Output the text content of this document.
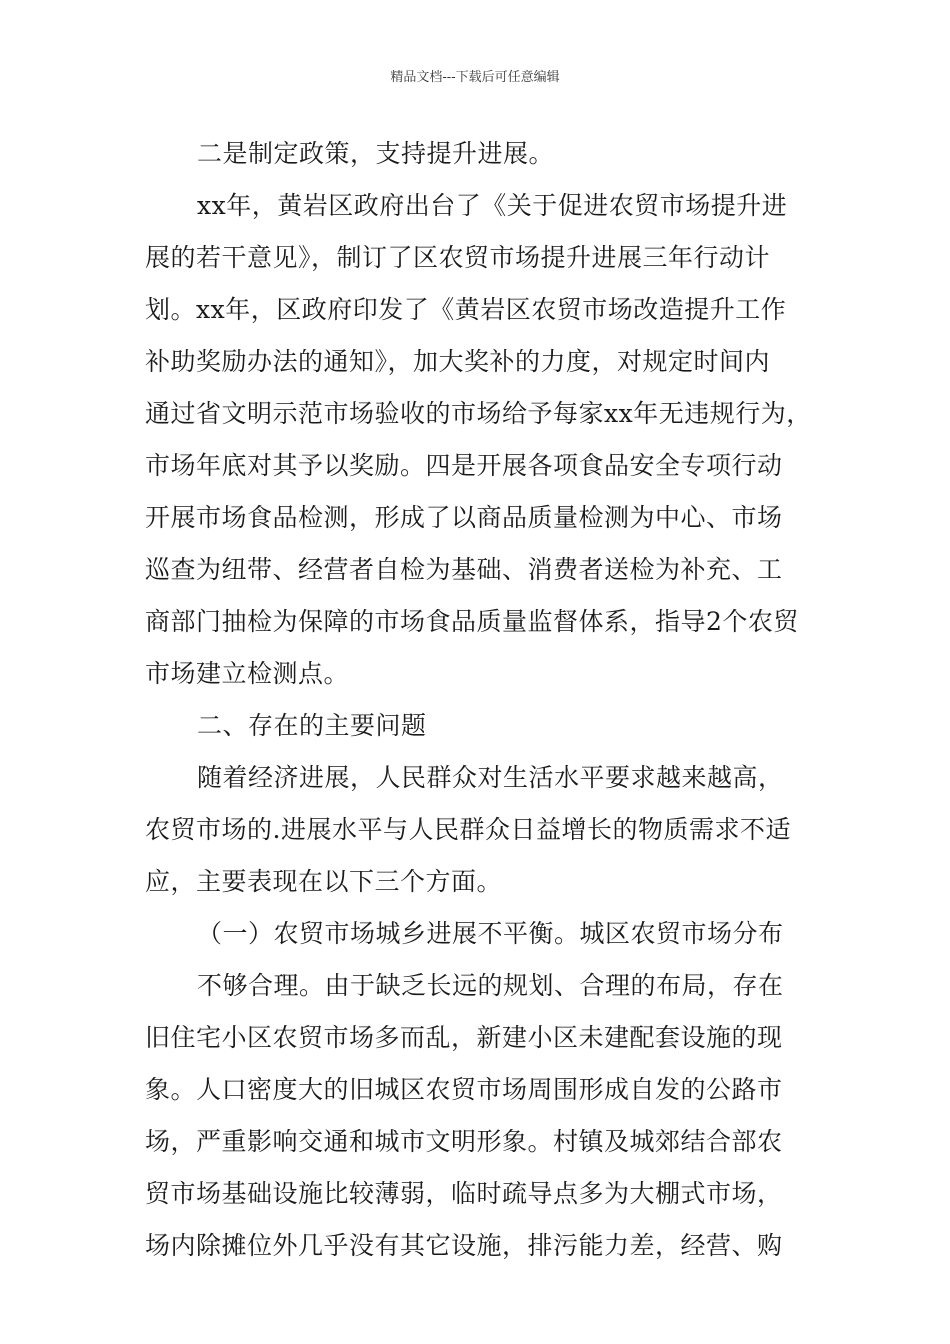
精品文档---下载后可任意编辑
二是制定政策，支持提升进展。
xx年，黄岩区政府出台了《关于促进农贸市场提升进
展的若干意见》，制订了区农贸市场提升进展三年行动计
划。xx年，区政府印发了《黄岩区农贸市场改造提升工作
补助奖励办法的通知》，加大奖补的力度，对规定时间内
通过省文明示范市场验收的市场给予每家xx年无违规行为，
市场年底对其予以奖励。四是开展各项食品安全专项行动
开展市场食品检测，形成了以商品质量检测为中心、市场
巡查为纽带、经营者自检为基础、消费者送检为补充、工
商部门抽检为保障的市场食品质量监督体系，指导2个农贸
市场建立检测点。
二、存在的主要问题
随着经济进展，人民群众对生活水平要求越来越高，
农贸市场的.进展水平与人民群众日益增长的物质需求不适
应，主要表现在以下三个方面。
（一）农贸市场城乡进展不平衡。城区农贸市场分布
不够合理。由于缺乏长远的规划、合理的布局，存在
旧住宅小区农贸市场多而乱，新建小区未建配套设施的现
象。人口密度大的旧城区农贸市场周围形成自发的公路市
场，严重影响交通和城市文明形象。村镇及城郊结合部农
贸市场基础设施比较薄弱，临时疏导点多为大棚式市场，
场内除摊位外几乎没有其它设施，排污能力差，经营、购
